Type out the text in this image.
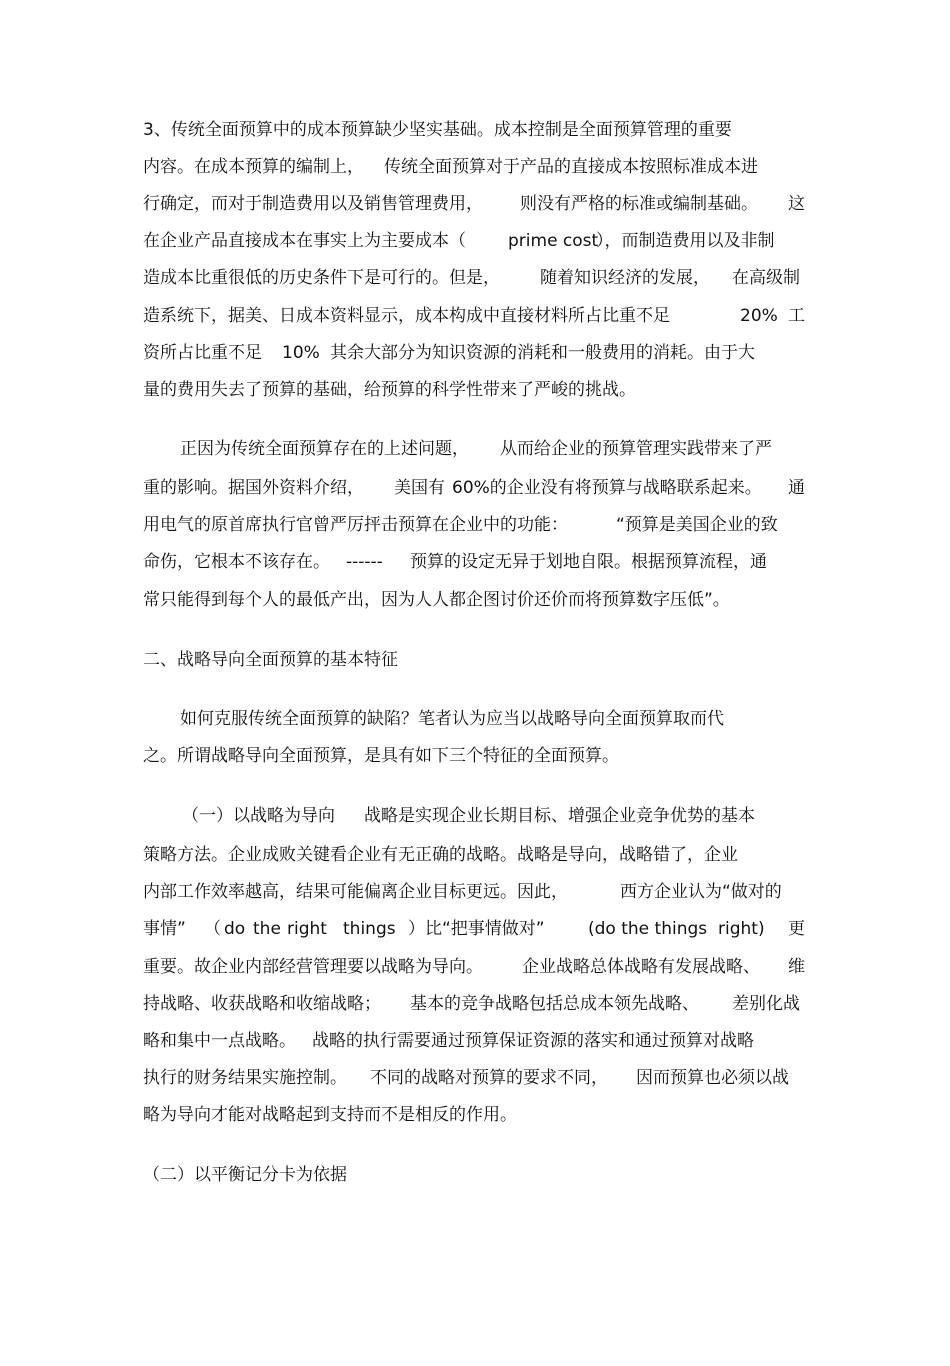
3、传统全面预算中的成本预算缺少坚实基础。成本控制是全面预算管理的重要

内容。在成本预算的编制上，

传统全面预算对于产品的直接成本按照标准成本进

行确定，而对于制造费用以及销售管理费用，

则没有严格的标准或编制基础。

这

在企业产品直接成本在事实上为主要成本（

prime cost

），而制造费用以及非制

造成本比重很低的历史条件下是可行的。但是，

随着知识经济的发展，

在高级制

造系统下，据美、日成本资料显示，成本构成中直接材料所占比重不足

	20%

工

资所占比重不足

10%

其余大部分为知识资源的消耗和一般费用的消耗。由于大

量的费用失去了预算的基础，给预算的科学性带来了严峻的挑战。

正因为传统全面预算存在的上述问题，

从而给企业的预算管理实践带来了严

重的影响。据国外资料介绍，

美国有

60%的企业没有将预算与战略联系起来。

通

用电气的原首席执行官曾严厉抨击预算在企业中的功能：

	“预算是美国企业的致

命伤，它根本不该存在。

------

预算的设定无异于划地自限。根据预算流程，通

常只能得到每个人的最低产出，因为人人都企图讨价还价而将预算数字压低”。

二、战略导向全面预算的基本特征

如何克服传统全面预算的缺陷？笔者认为应当以战略导向全面预算取而代

之。所谓战略导向全面预算，是具有如下三个特征的全面预算。

（一）以战略为导向

战略是实现企业长期目标、增强企业竞争优势的基本

策略方法。企业成败关键看企业有无正确的战略。战略是导向，战略错了，企业

内部工作效率越高，结果可能偏离企业目标更远。因此，

	西方企业认为“做对的

事情”

（

do

the

right

things

）比“把事情做对”

	(do the things

right)

更

重要。故企业内部经营管理要以战略为导向。

企业战略总体战略有发展战略、

维

持战略、收获战略和收缩战略；

基本的竞争战略包括总成本领先战略、

差别化战

略和集中一点战略。

战略的执行需要通过预算保证资源的落实和通过预算对战略

执行的财务结果实施控制。

不同的战略对预算的要求不同，

因而预算也必须以战

略为导向才能对战略起到支持而不是相反的作用。

（二）以平衡记分卡为依据
